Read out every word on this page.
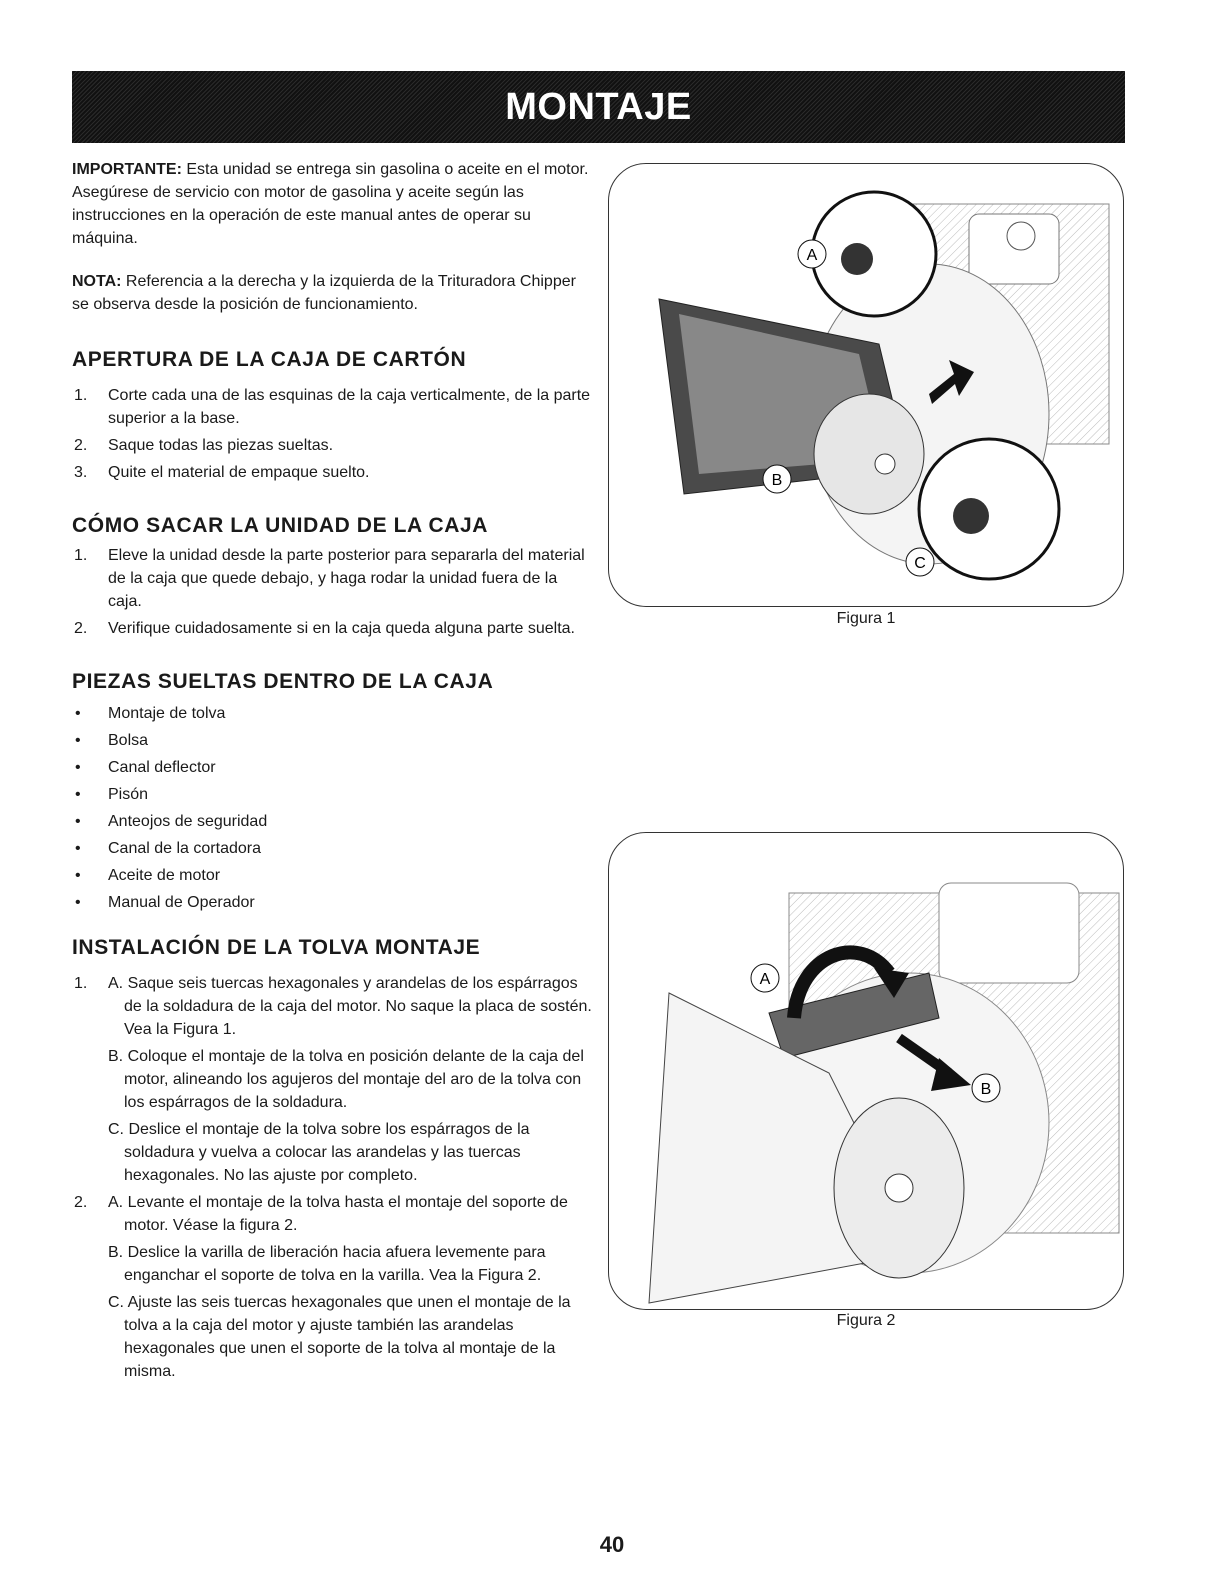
MONTAJE

IMPORTANTE: Esta unidad se entrega sin gasolina o aceite en el motor. Asegúrese de servicio con motor de gasolina y aceite según las instrucciones en la operación de este manual antes de operar su máquina.

NOTA: Referencia a la derecha y la izquierda de la Trituradora Chipper se observa desde la posición de funcionamiento.

APERTURA DE LA CAJA DE CARTÓN
1. Corte cada una de las esquinas de la caja verticalmente, de la parte superior a la base.
2. Saque todas las piezas sueltas.
3. Quite el material de empaque suelto.
CÓMO SACAR LA UNIDAD DE LA CAJA
1. Eleve la unidad desde la parte posterior para separarla del material de la caja que quede debajo, y haga rodar la unidad fuera de la caja.
2. Verifique cuidadosamente si en la caja queda alguna parte suelta.
PIEZAS SUELTAS DENTRO DE LA CAJA
• Montaje de tolva
• Bolsa
• Canal deflector
• Pisón
• Anteojos de seguridad
• Canal de la cortadora
• Aceite de motor
• Manual de Operador
INSTALACIÓN DE LA TOLVA MONTAJE
1. A. Saque seis tuercas hexagonales y arandelas de los espárragos de la soldadura de la caja del motor. No saque la placa de sostén. Vea la Figura 1.
B. Coloque el montaje de la tolva en posición delante de la caja del motor, alineando los agujeros del montaje del aro de la tolva con los espárragos de la soldadura.
C. Deslice el montaje de la tolva sobre los espárragos de la soldadura y vuelva a colocar las arandelas y las tuercas hexagonales. No las ajuste por completo.
2. A. Levante el montaje de la tolva hasta el montaje del soporte de motor. Véase la figura 2.
B. Deslice la varilla de liberación hacia afuera levemente para enganchar el soporte de tolva en la varilla. Vea la Figura 2.
C. Ajuste las seis tuercas hexagonales que unen el montaje de la tolva a la caja del motor y ajuste también las arandelas hexagonales que unen el soporte de la tolva al montaje de la misma.
A
B
C
Figura 1
A
B
Figura 2
40
